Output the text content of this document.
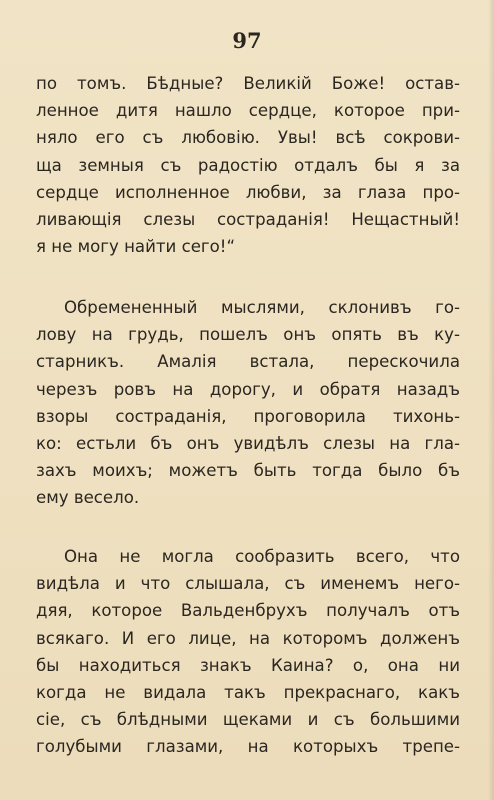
97
по томъ. Бѣдные? Великій Боже! остав-
ленное дитя нашло сердце, которое при-
няло его съ любовію. Увы! всѣ сокрови-
ща земныя съ радостію отдалъ бы я за
сердце исполненное любви, за глаза про-
ливающія слезы состраданія! Нещастный!
я не могу найти сего!“
Обремененный мыслями, склонивъ го-
лову на грудь, пошелъ онъ опять въ ку-
старникъ. Амалія встала, перескочила
черезъ ровъ на дорогу, и обратя назадъ
взоры состраданія, проговорила тихонь-
ко: естьли бъ онъ увидѣлъ слезы на гла-
захъ моихъ; можетъ быть тогда было бъ
ему весело.
Она не могла сообразить всего, что
видѣла и что слышала, съ именемъ него-
дяя, которое Вальденбрухъ получалъ отъ
всякаго. И его лице, на которомъ долженъ
бы находиться знакъ Каина? о, она ни
когда не видала такъ прекраснаго, какъ
сіе, съ блѣдными щеками и съ большими
голубыми глазами, на которыхъ трепе-
